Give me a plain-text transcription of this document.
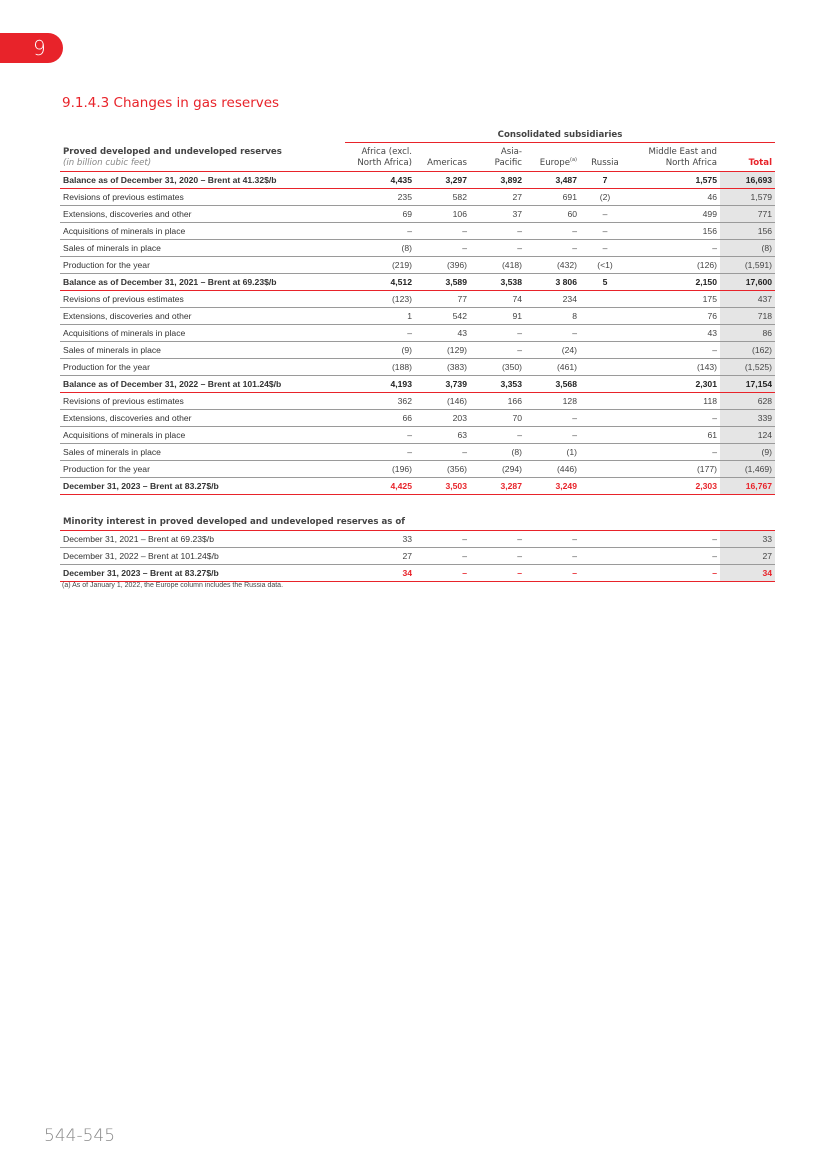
9
9.1.4.3 Changes in gas reserves
	Consolidated subsidiaries						

Proved developed and undeveloped reserves
(in billion cubic feet)	Africa (excl.
North Africa)	Americas	Asia-
Pacific	Europe$^{(a)}$	Russia	Middle East and
North Africa	Total
Balance as of December 31, 2020 – Brent at 41.32$/b	4,435	3,297	3,892	3,487	7	1,575	16,693
Revisions of previous estimates	235	582	27	691	(2)	46	1,579
Extensions, discoveries and other	69	106	37	60	–	499	771
Acquisitions of minerals in place	–	–	–	–	–	156	156
Sales of minerals in place	(8)	–	–	–	–	–	(8)
Production for the year	(219)	(396)	(418)	(432)	(<1)	(126)	(1,591)
Balance as of December 31, 2021 – Brent at 69.23$/b	4,512	3,589	3,538	3 806	5	2,150	17,600
Revisions of previous estimates	(123)	77	74	234		175	437
Extensions, discoveries and other	1	542	91	8		76	718
Acquisitions of minerals in place	–	43	–	–		43	86
Sales of minerals in place	(9)	(129)	–	(24)		–	(162)
Production for the year	(188)	(383)	(350)	(461)		(143)	(1,525)
Balance as of December 31, 2022 – Brent at 101.24$/b	4,193	3,739	3,353	3,568		2,301	17,154
Revisions of previous estimates	362	(146)	166	128		118	628
Extensions, discoveries and other	66	203	70	–		–	339
Acquisitions of minerals in place	–	63	–	–		61	124
Sales of minerals in place	–	–	(8)	(1)		–	(9)
Production for the year	(196)	(356)	(294)	(446)		(177)	(1,469)
December 31, 2023 – Brent at 83.27$/b	4,425	3,503	3,287	3,249		2,303	16,767
Minority interest in proved developed and undeveloped reserves as of							
December 31, 2021 – Brent at 69.23$/b	33	–	–	–		–	33
December 31, 2022 – Brent at 101.24$/b	27	–	–	–		–	27
December 31, 2023 – Brent at 83.27$/b	34	–	–	–		–	34

(a) As of January 1, 2022, the Europe column includes the Russia data.

544-545
